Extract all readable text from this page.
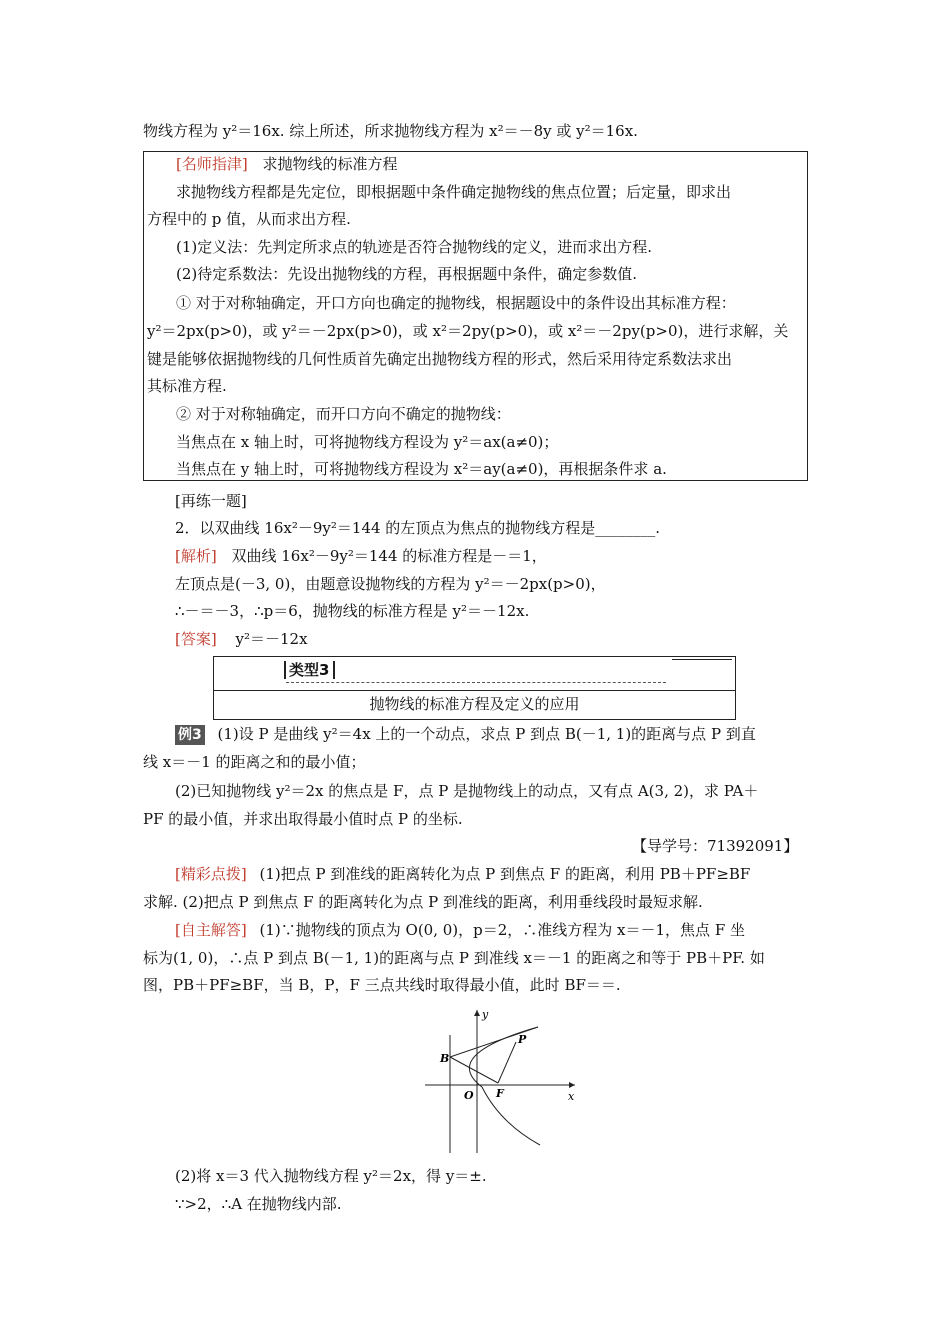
物线方程为 y²＝16x. 综上所述，所求抛物线方程为 x²＝－8y 或 y²＝16x.
[名师指津] 求抛物线的标准方程
求抛物线方程都是先定位，即根据题中条件确定抛物线的焦点位置；后定量，即求出
方程中的 p 值，从而求出方程.
(1)定义法：先判定所求点的轨迹是否符合抛物线的定义，进而求出方程.
(2)待定系数法：先设出抛物线的方程，再根据题中条件，确定参数值.
① 对于对称轴确定，开口方向也确定的抛物线，根据题设中的条件设出其标准方程：
y²＝2px(p>0)，或 y²＝－2px(p>0)，或 x²＝2py(p>0)，或 x²＝－2py(p>0)，进行求解，关
键是能够依据抛物线的几何性质首先确定出抛物线方程的形式，然后采用待定系数法求出
其标准方程.
② 对于对称轴确定，而开口方向不确定的抛物线：
当焦点在 x 轴上时，可将抛物线方程设为 y²＝ax(a≠0)；
当焦点在 y 轴上时，可将抛物线方程设为 x²＝ay(a≠0)，再根据条件求 a.
[再练一题]
2．以双曲线 16x²－9y²＝144 的左顶点为焦点的抛物线方程是________.
[解析] 双曲线 16x²－9y²＝144 的标准方程是－＝1，
左顶点是(－3, 0)，由题意设抛物线的方程为 y²＝－2px(p>0)，
∴－＝－3，∴p＝6，抛物线的标准方程是 y²＝－12x.
[答案] y²＝－12x
类型3
抛物线的标准方程及定义的应用
例3 (1)设 P 是曲线 y²＝4x 上的一个动点，求点 P 到点 B(－1, 1)的距离与点 P 到直
线 x＝－1 的距离之和的最小值；
(2)已知抛物线 y²＝2x 的焦点是 F，点 P 是抛物线上的动点，又有点 A(3, 2)，求 PA＋
PF 的最小值，并求出取得最小值时点 P 的坐标.
【导学号：71392091】
[精彩点拨] (1)把点 P 到准线的距离转化为点 P 到焦点 F 的距离，利用 PB＋PF≥BF
求解. (2)把点 P 到焦点 F 的距离转化为点 P 到准线的距离，利用垂线段时最短求解.
[自主解答] (1)∵抛物线的顶点为 O(0, 0)，p＝2，∴准线方程为 x＝－1，焦点 F 坐
标为(1, 0)，∴点 P 到点 B(－1, 1)的距离与点 P 到准线 x＝－1 的距离之和等于 PB＋PF. 如
图，PB＋PF≥BF，当 B，P，F 三点共线时取得最小值，此时 BF＝＝.
y
x
O
B
P
F
(2)将 x＝3 代入抛物线方程 y²＝2x，得 y＝±.
∵>2，∴A 在抛物线内部.
